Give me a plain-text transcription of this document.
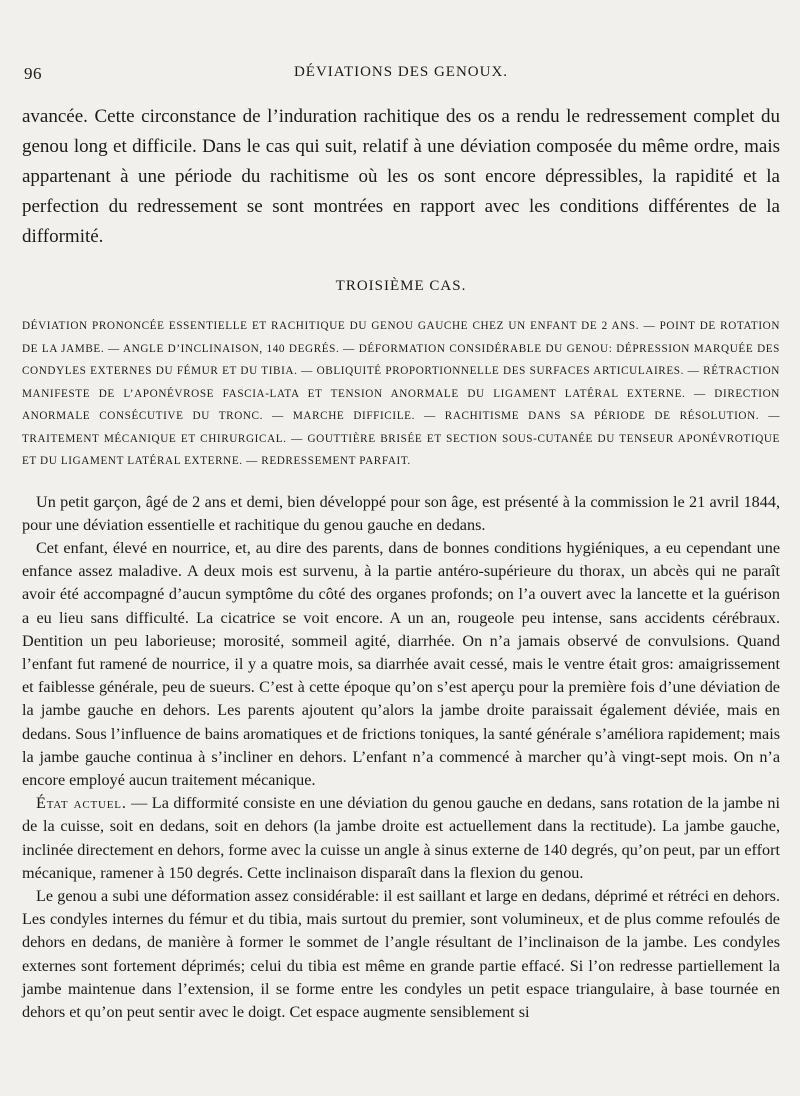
96	DÉVIATIONS DES GENOUX.
avancée. Cette circonstance de l’induration rachitique des os a rendu le redressement complet du genou long et difficile. Dans le cas qui suit, relatif à une déviation composée du même ordre, mais appartenant à une période du rachitisme où les os sont encore dépressibles, la rapidité et la perfection du redressement se sont montrées en rapport avec les conditions différentes de la difformité.
TROISIÈME CAS.
DÉVIATION PRONONCÉE ESSENTIELLE ET RACHITIQUE DU GENOU GAUCHE CHEZ UN ENFANT DE 2 ANS. — POINT DE ROTATION DE LA JAMBE. — ANGLE D’INCLINAISON, 140 DEGRÉS. — DÉFORMATION CONSIDÉRABLE DU GENOU: DÉPRESSION MARQUÉE DES CONDYLES EXTERNES DU FÉMUR ET DU TIBIA. — OBLIQUITÉ PROPORTIONNELLE DES SURFACES ARTICULAIRES. — RÉTRACTION MANIFESTE DE L’APONÉVROSE FASCIA-LATA ET TENSION ANORMALE DU LIGAMENT LATÉRAL EXTERNE. — DIRECTION ANORMALE CONSÉCUTIVE DU TRONC. — MARCHE DIFFICILE. — RACHITISME DANS SA PÉRIODE DE RÉSOLUTION. — TRAITEMENT MÉCANIQUE ET CHIRURGICAL. — GOUTTIÈRE BRISÉE ET SECTION SOUS-CUTANÉE DU TENSEUR APONÉVROTIQUE ET DU LIGAMENT LATÉRAL EXTERNE. — REDRESSEMENT PARFAIT.

Un petit garçon, âgé de 2 ans et demi, bien développé pour son âge, est présenté à la commission le 21 avril 1844, pour une déviation essentielle et rachitique du genou gauche en dedans.

Cet enfant, élevé en nourrice, et, au dire des parents, dans de bonnes conditions hygiéniques, a eu cependant une enfance assez maladive. A deux mois est survenu, à la partie antéro-supérieure du thorax, un abcès qui ne paraît avoir été accompagné d’aucun symptôme du côté des organes profonds; on l’a ouvert avec la lancette et la guérison a eu lieu sans difficulté. La cicatrice se voit encore. A un an, rougeole peu intense, sans accidents cérébraux. Dentition un peu laborieuse; morosité, sommeil agité, diarrhée. On n’a jamais observé de convulsions. Quand l’enfant fut ramené de nourrice, il y a quatre mois, sa diarrhée avait cessé, mais le ventre était gros: amaigrissement et faiblesse générale, peu de sueurs. C’est à cette époque qu’on s’est aperçu pour la première fois d’une déviation de la jambe gauche en dehors. Les parents ajoutent qu’alors la jambe droite paraissait également déviée, mais en dedans. Sous l’influence de bains aromatiques et de frictions toniques, la santé générale s’améliora rapidement; mais la jambe gauche continua à s’incliner en dehors. L’enfant n’a commencé à marcher qu’à vingt-sept mois. On n’a encore employé aucun traitement mécanique.

État actuel. — La difformité consiste en une déviation du genou gauche en dedans, sans rotation de la jambe ni de la cuisse, soit en dedans, soit en dehors (la jambe droite est actuellement dans la rectitude). La jambe gauche, inclinée directement en dehors, forme avec la cuisse un angle à sinus externe de 140 degrés, qu’on peut, par un effort mécanique, ramener à 150 degrés. Cette inclinaison disparaît dans la flexion du genou.

Le genou a subi une déformation assez considérable: il est saillant et large en dedans, déprimé et rétréci en dehors. Les condyles internes du fémur et du tibia, mais surtout du premier, sont volumineux, et de plus comme refoulés de dehors en dedans, de manière à former le sommet de l’angle résultant de l’inclinaison de la jambe. Les condyles externes sont fortement déprimés; celui du tibia est même en grande partie effacé. Si l’on redresse partiellement la jambe maintenue dans l’extension, il se forme entre les condyles un petit espace triangulaire, à base tournée en dehors et qu’on peut sentir avec le doigt. Cet espace augmente sensiblement si
